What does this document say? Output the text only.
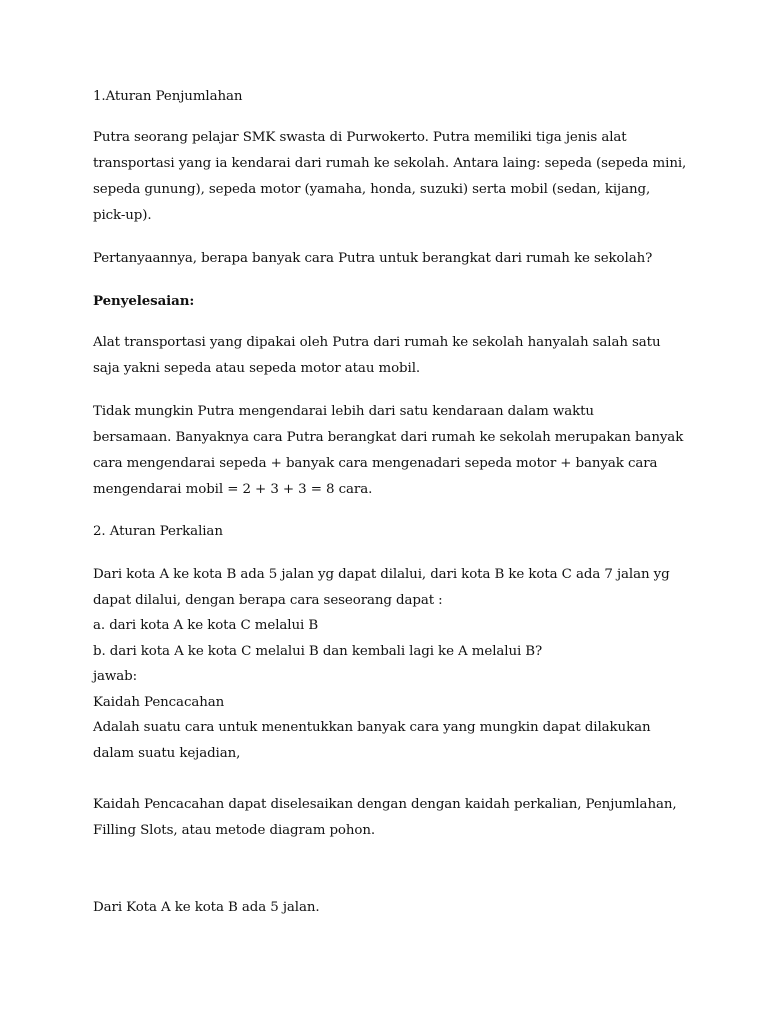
1.Aturan Penjumlahan

Putra seorang pelajar SMK swasta di Purwokerto. Putra memiliki tiga jenis alat

transportasi yang ia kendarai dari rumah ke sekolah. Antara laing: sepeda (sepeda mini,

sepeda gunung), sepeda motor (yamaha, honda, suzuki) serta mobil (sedan, kijang,

pick-up).

Pertanyaannya, berapa banyak cara Putra untuk berangkat dari rumah ke sekolah?

Penyelesaian:

Alat transportasi yang dipakai oleh Putra dari rumah ke sekolah hanyalah salah satu

saja yakni sepeda atau sepeda motor atau mobil.

Tidak mungkin Putra mengendarai lebih dari satu kendaraan dalam waktu

bersamaan. Banyaknya cara Putra berangkat dari rumah ke sekolah merupakan banyak

cara mengendarai sepeda + banyak cara mengenadari sepeda motor + banyak cara

mengendarai mobil = 2 + 3 + 3 = 8 cara.

2. Aturan Perkalian

Dari kota A ke kota B ada 5 jalan yg dapat dilalui, dari kota B ke kota C ada 7 jalan yg

dapat dilalui, dengan berapa cara seseorang dapat :

a. dari kota A ke kota C melalui B

b. dari kota A ke kota C melalui B dan kembali lagi ke A melalui B?

jawab:

Kaidah Pencacahan

Adalah suatu cara untuk menentukkan banyak cara yang mungkin dapat dilakukan

dalam suatu kejadian,

Kaidah Pencacahan dapat diselesaikan dengan dengan kaidah perkalian, Penjumlahan,

Filling Slots, atau metode diagram pohon.

Dari Kota A ke kota B ada 5 jalan.
